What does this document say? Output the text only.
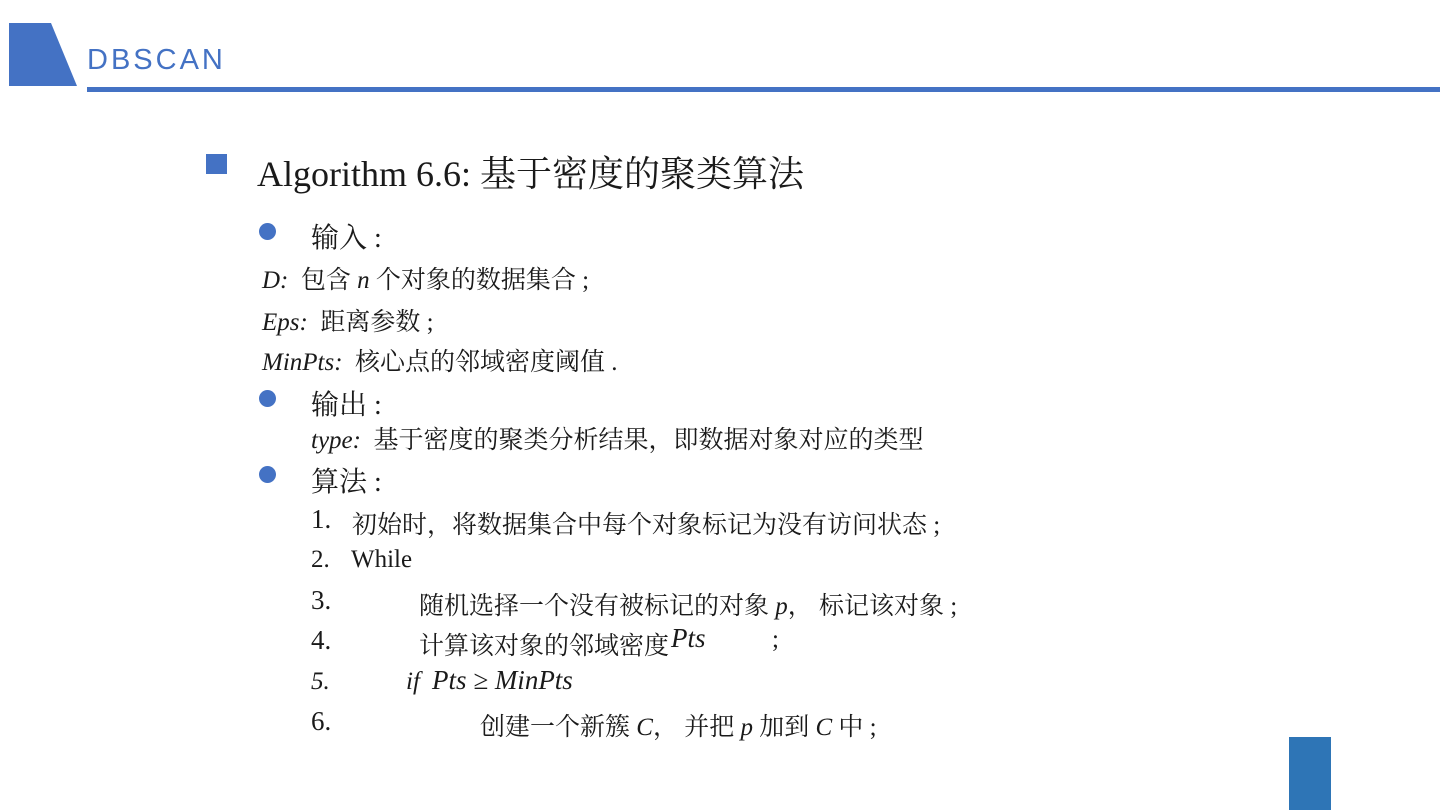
DBSCAN
Algorithm 6.6: 基于密度的聚类算法
输入 :
D: 包含 n 个对象的数据集合 ;
Eps: 距离参数 ;
MinPts: 核心点的邻域密度阈值 .
输出 :
type: 基于密度的聚类分析结果，即数据对象对应的类型
算法 :
1. 初始时，将数据集合中每个对象标记为没有访问状态 ;
2. While
3.	随机选择一个没有被标记的对象 p， 标记该对象 ;
4.	计算该对象的邻域密度 Pts	;
5.	if Pts ≥ MinPts
6.	创建一个新簇 C， 并把 p 加到 C 中 ;
